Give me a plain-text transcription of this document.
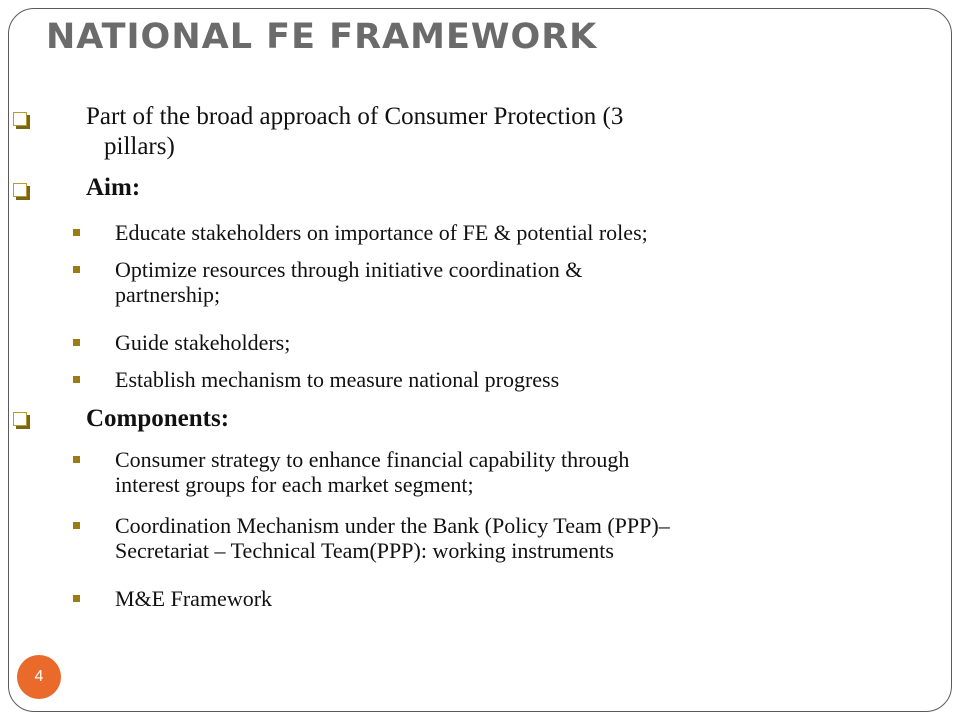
NATIONAL FE FRAMEWORK

Part of the broad approach of Consumer Protection (3
pillars)

Aim:

Educate stakeholders on importance of FE & potential roles;

Optimize resources through initiative coordination &
partnership;

Guide stakeholders;

Establish mechanism to measure national progress

Components:

Consumer strategy to enhance financial capability through
interest groups for each market segment;

Coordination Mechanism under the Bank (Policy Team (PPP)–
Secretariat – Technical Team(PPP): working instruments

M&E Framework

4
